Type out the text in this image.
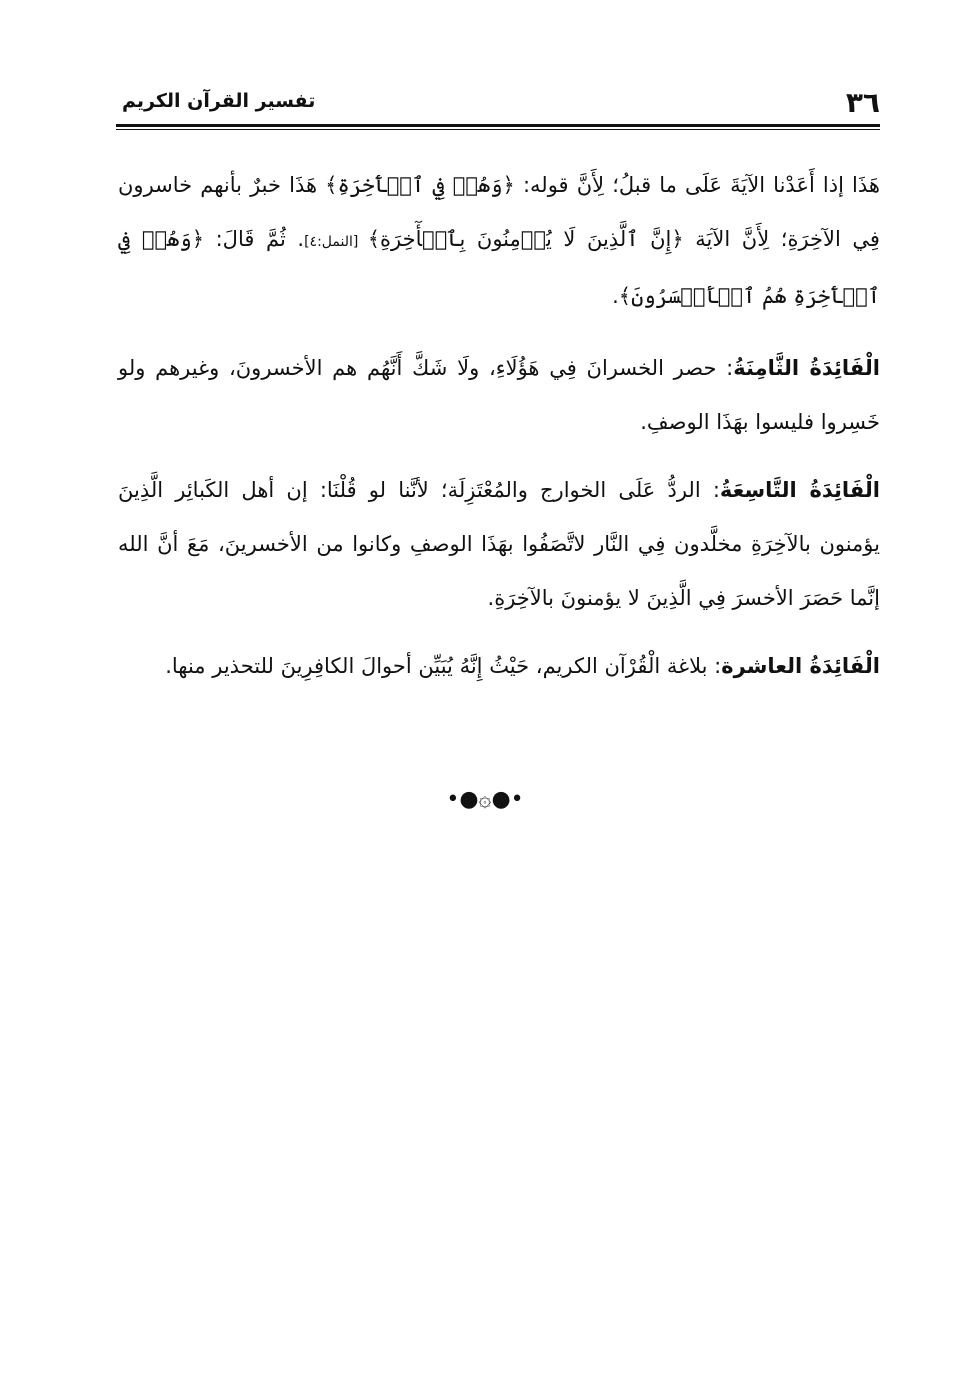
٣٦
تفسير القرآن الكريم

هَذَا إذا أَعَدْنا الآيَةَ عَلَى ما قبلُ؛ لِأَنَّ قوله: ﴿وَهُمۡ فِي ٱلۡأٓخِرَةِ﴾ هَذَا خبرٌ بأنهم خاسرون فِي الآخِرَةِ؛ لِأَنَّ الآيَة ﴿إِنَّ ٱلَّذِينَ لَا يُؤۡمِنُونَ بِٱلۡأٓخِرَةِ﴾ [النمل:٤]. ثُمَّ قَالَ: ﴿وَهُمۡ فِي ٱلۡأٓخِرَةِ هُمُ ٱلۡأَخۡسَرُونَ﴾.

الْفَائِدَةُ الثَّامِنَةُ: حصر الخسرانَ فِي هَؤُلَاءِ، ولَا شَكَّ أَنَّهُم هم الأخسرونَ، وغيرهم ولو خَسِروا فليسوا بهَذَا الوصفِ.

الْفَائِدَةُ التَّاسِعَةُ: الردُّ عَلَى الخوارج والمُعْتَزِلَة؛ لأنَّنا لو قُلْنَا: إن أهل الكَبائِر الَّذِينَ يؤمنون بالآخِرَةِ مخلَّدون فِي النَّار لاتَّصَفُوا بهَذَا الوصفِ وكانوا من الأخسرينَ، مَعَ أنَّ الله إنَّما حَصَرَ الأخسرَ فِي الَّذِينَ لا يؤمنونَ بالآخِرَةِ.

الْفَائِدَةُ العاشرة: بلاغة الْقُرْآن الكريم، حَيْثُ إِنَّهُ يُبَيِّن أحوالَ الكافِرِينَ للتحذير منها.

•●۞●•
